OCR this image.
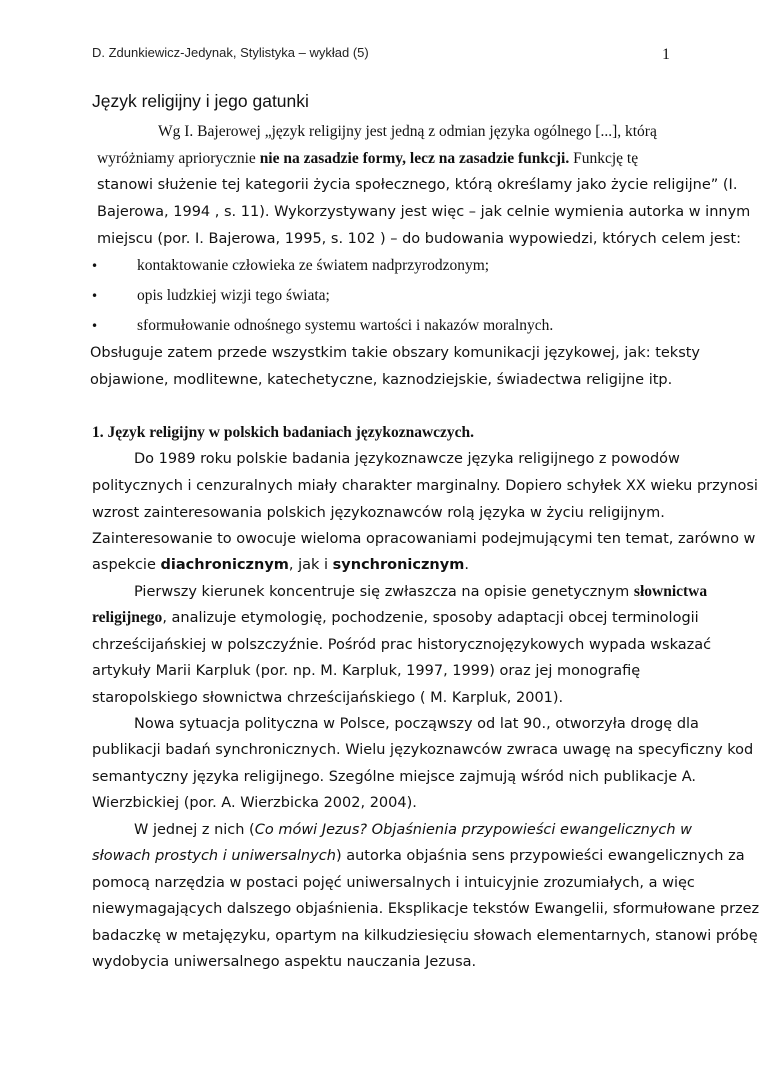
D. Zdunkiewicz-Jedynak, Stylistyka – wykład (5)	1
Język religijny i jego gatunki
Wg I. Bajerowej „język religijny jest jedną z odmian języka ogólnego [...], którą
wyróżniamy apriorycznie nie na zasadzie formy, lecz na zasadzie funkcji. Funkcję tę
stanowi służenie tej kategorii życia społecznego, którą określamy jako życie religijne” (I.
Bajerowa, 1994 , s. 11). Wykorzystywany jest więc – jak celnie wymienia autorka w innym
miejscu (por. I. Bajerowa, 1995, s. 102 ) – do budowania wypowiedzi, których celem jest:
•	kontaktowanie człowieka ze światem nadprzyrodzonym;
•	opis ludzkiej wizji tego świata;
•	sformułowanie odnośnego systemu wartości i nakazów moralnych.
Obsługuje zatem przede wszystkim takie obszary komunikacji językowej, jak: teksty
objawione, modlitewne, katechetyczne, kaznodziejskie, świadectwa religijne itp.
1. Język religijny w polskich badaniach językoznawczych.
Do 1989 roku polskie badania językoznawcze języka religijnego z powodów
politycznych i cenzuralnych miały charakter marginalny. Dopiero schyłek XX wieku przynosi
wzrost zainteresowania polskich językoznawców rolą języka w życiu religijnym.
Zainteresowanie to owocuje wieloma opracowaniami podejmującymi ten temat, zarówno w
aspekcie diachronicznym, jak i synchronicznym.
Pierwszy kierunek koncentruje się zwłaszcza na opisie genetycznym słownictwa
religijnego, analizuje etymologię, pochodzenie, sposoby adaptacji obcej terminologii
chrześcijańskiej w polszczyźnie. Pośród prac historycznojęzykowych wypada wskazać
artykuły Marii Karpluk (por. np. M. Karpluk, 1997, 1999) oraz jej monografię
staropolskiego słownictwa chrześcijańskiego ( M. Karpluk, 2001).
Nowa sytuacja polityczna w Polsce, począwszy od lat 90., otworzyła drogę dla
publikacji badań synchronicznych. Wielu językoznawców zwraca uwagę na specyficzny kod
semantyczny języka religijnego. Szególne miejsce zajmują wśród nich publikacje A.
Wierzbickiej (por. A. Wierzbicka 2002, 2004).
W jednej z nich (Co mówi Jezus? Objaśnienia przypowieści ewangelicznych w
słowach prostych i uniwersalnych) autorka objaśnia sens przypowieści ewangelicznych za
pomocą narzędzia w postaci pojęć uniwersalnych i intuicyjnie zrozumiałych, a więc
niewymagających dalszego objaśnienia. Eksplikacje tekstów Ewangelii, sformułowane przez
badaczkę w metajęzyku, opartym na kilkudziesięciu słowach elementarnych, stanowi próbę
wydobycia uniwersalnego aspektu nauczania Jezusa.
